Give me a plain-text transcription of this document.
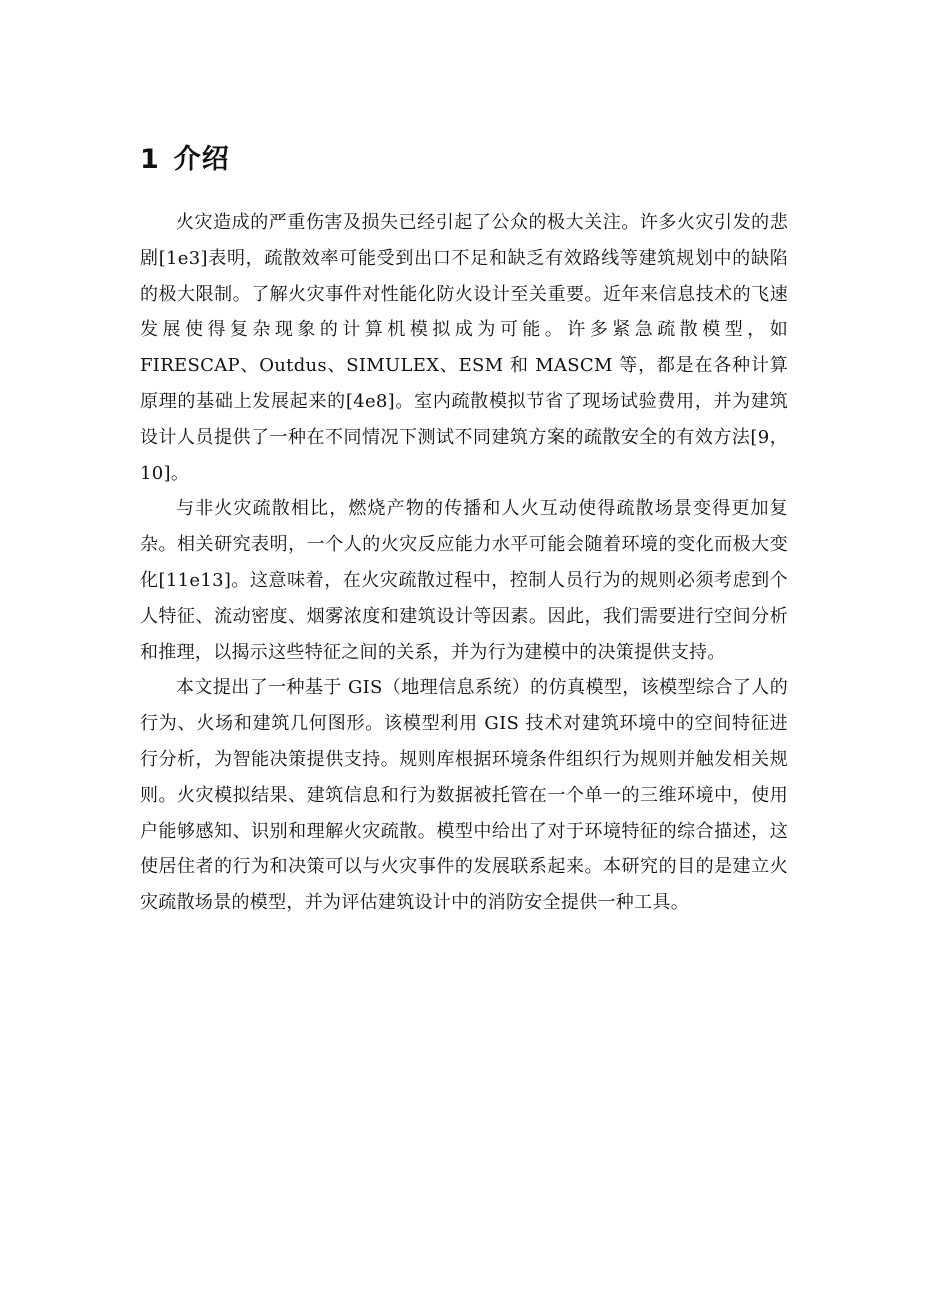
1 介绍

火灾造成的严重伤害及损失已经引起了公众的极大关注。许多火灾引发的悲剧[1e3]表明，疏散效率可能受到出口不足和缺乏有效路线等建筑规划中的缺陷的极大限制。了解火灾事件对性能化防火设计至关重要。近年来信息技术的飞速发展使得复杂现象的计算机模拟成为可能。许多紧急疏散模型，如 FIRESCAP、Outdus、SIMULEX、ESM 和 MASCM 等，都是在各种计算原理的基础上发展起来的[4e8]。室内疏散模拟节省了现场试验费用，并为建筑设计人员提供了一种在不同情况下测试不同建筑方案的疏散安全的有效方法[9，10]。

与非火灾疏散相比，燃烧产物的传播和人火互动使得疏散场景变得更加复杂。相关研究表明，一个人的火灾反应能力水平可能会随着环境的变化而极大变化[11e13]。这意味着，在火灾疏散过程中，控制人员行为的规则必须考虑到个人特征、流动密度、烟雾浓度和建筑设计等因素。因此，我们需要进行空间分析和推理，以揭示这些特征之间的关系，并为行为建模中的决策提供支持。

本文提出了一种基于 GIS（地理信息系统）的仿真模型，该模型综合了人的行为、火场和建筑几何图形。该模型利用 GIS 技术对建筑环境中的空间特征进行分析，为智能决策提供支持。规则库根据环境条件组织行为规则并触发相关规则。火灾模拟结果、建筑信息和行为数据被托管在一个单一的三维环境中，使用户能够感知、识别和理解火灾疏散。模型中给出了对于环境特征的综合描述，这使居住者的行为和决策可以与火灾事件的发展联系起来。本研究的目的是建立火灾疏散场景的模型，并为评估建筑设计中的消防安全提供一种工具。
